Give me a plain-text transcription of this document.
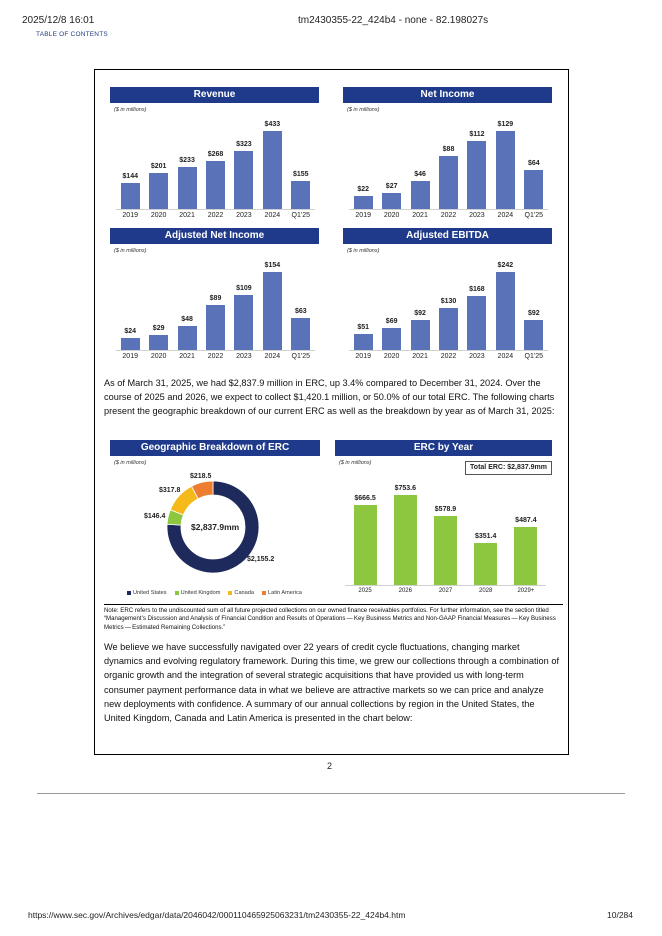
2025/12/8 16:01	tm2430355-22_424b4 - none - 82.198027s
TABLE OF CONTENTS
Revenue
($ in millions)
$144
2019
$201
2020
$233
2021
$268
2022
$323
2023
$433
2024
$155
Q1'25
Net Income
($ in millions)
$22
2019
$27
2020
$46
2021
$88
2022
$112
2023
$129
2024
$64
Q1'25
Adjusted Net Income
($ in millions)
$24
2019
$29
2020
$48
2021
$89
2022
$109
2023
$154
2024
$63
Q1'25
Adjusted EBITDA
($ in millions)
$51
2019
$69
2020
$92
2021
$130
2022
$168
2023
$242
2024
$92
Q1'25

As of March 31, 2025, we had $2,837.9 million in ERC, up 3.4% compared to December 31, 2024. Over the course of 2025 and 2026, we expect to collect $1,420.1 million, or 50.0% of our total ERC. The following charts present the geographic breakdown of our current ERC as well as the breakdown by year as of March 31, 2025:

Geographic Breakdown of ERC
($ in millions)
$218.5
$317.8
$146.4
$2,155.2
$2,837.9mm
United States	United Kingdom	Canada	Latin America
ERC by Year
($ in millions)
$666.5
2025
$753.6
2026
$578.9
2027
$351.4
2028
$487.4
2029+
Total ERC: $2,837.9mm

Note: ERC refers to the undiscounted sum of all future projected collections on our owned finance receivables portfolios. For further information, see the section titled “Management’s Discussion and Analysis of Financial Condition and Results of Operations — Key Business Metrics and Non-GAAP Financial Measures — Key Business Metrics — Estimated Remaining Collections.”

We believe we have successfully navigated over 22 years of credit cycle fluctuations, changing market dynamics and evolving regulatory framework. During this time, we grew our collections through a combination of organic growth and the integration of several strategic acquisitions that have provided us with long-term consumer payment performance data in what we believe are attractive markets so we can price and analyze new deployments with confidence. A summary of our annual collections by region in the United States, the United Kingdom, Canada and Latin America is presented in the chart below:

2
https://www.sec.gov/Archives/edgar/data/2046042/000110465925063231/tm2430355-22_424b4.htm	10/284
